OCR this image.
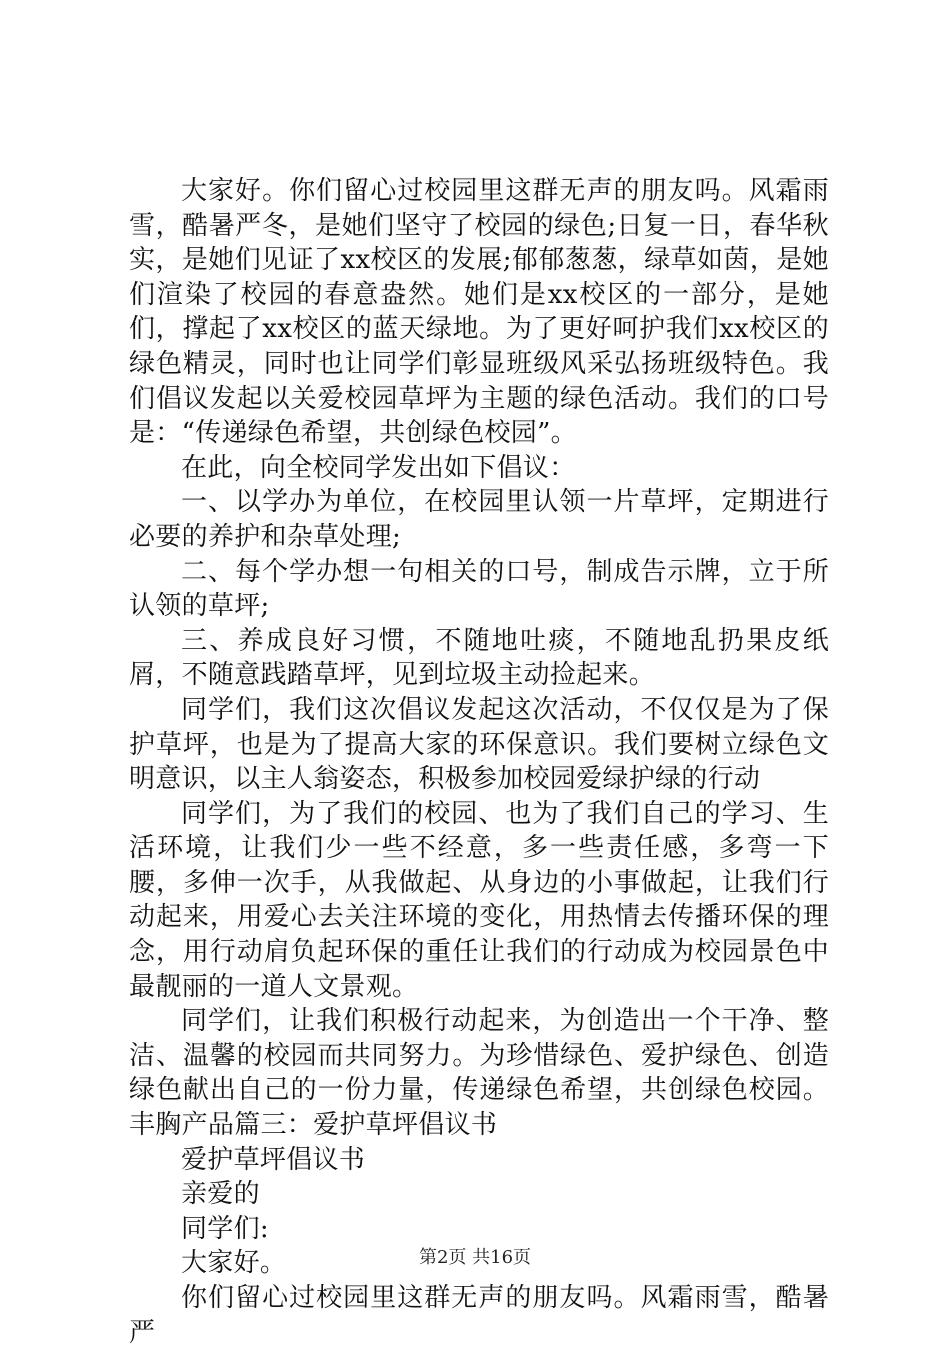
大家好。你们留心过校园里这群无声的朋友吗。风霜雨雪，酷暑严冬，是她们坚守了校园的绿色;日复一日，春华秋实，是她们见证了xx校区的发展;郁郁葱葱，绿草如茵，是她们渲染了校园的春意盎然。她们是xx校区的一部分，是她们，撑起了xx校区的蓝天绿地。为了更好呵护我们xx校区的绿色精灵，同时也让同学们彰显班级风采弘扬班级特色。我们倡议发起以关爱校园草坪为主题的绿色活动。我们的口号是：“传递绿色希望，共创绿色校园”。

在此，向全校同学发出如下倡议：

一、以学办为单位，在校园里认领一片草坪，定期进行必要的养护和杂草处理;

二、每个学办想一句相关的口号，制成告示牌，立于所认领的草坪;

三、养成良好习惯，不随地吐痰，不随地乱扔果皮纸屑，不随意践踏草坪，见到垃圾主动捡起来。

同学们，我们这次倡议发起这次活动，不仅仅是为了保护草坪，也是为了提高大家的环保意识。我们要树立绿色文明意识，以主人翁姿态，积极参加校园爱绿护绿的行动

同学们，为了我们的校园、也为了我们自己的学习、生活环境，让我们少一些不经意，多一些责任感，多弯一下腰，多伸一次手，从我做起、从身边的小事做起，让我们行动起来，用爱心去关注环境的变化，用热情去传播环保的理念，用行动肩负起环保的重任让我们的行动成为校园景色中最靓丽的一道人文景观。

同学们，让我们积极行动起来，为创造出一个干净、整洁、温馨的校园而共同努力。为珍惜绿色、爱护绿色、创造绿色献出自己的一份力量，传递绿色希望，共创绿色校园。丰胸产品篇三：爱护草坪倡议书

爱护草坪倡议书

亲爱的

同学们:

大家好。

你们留心过校园里这群无声的朋友吗。风霜雨雪，酷暑严

第2页 共16页
